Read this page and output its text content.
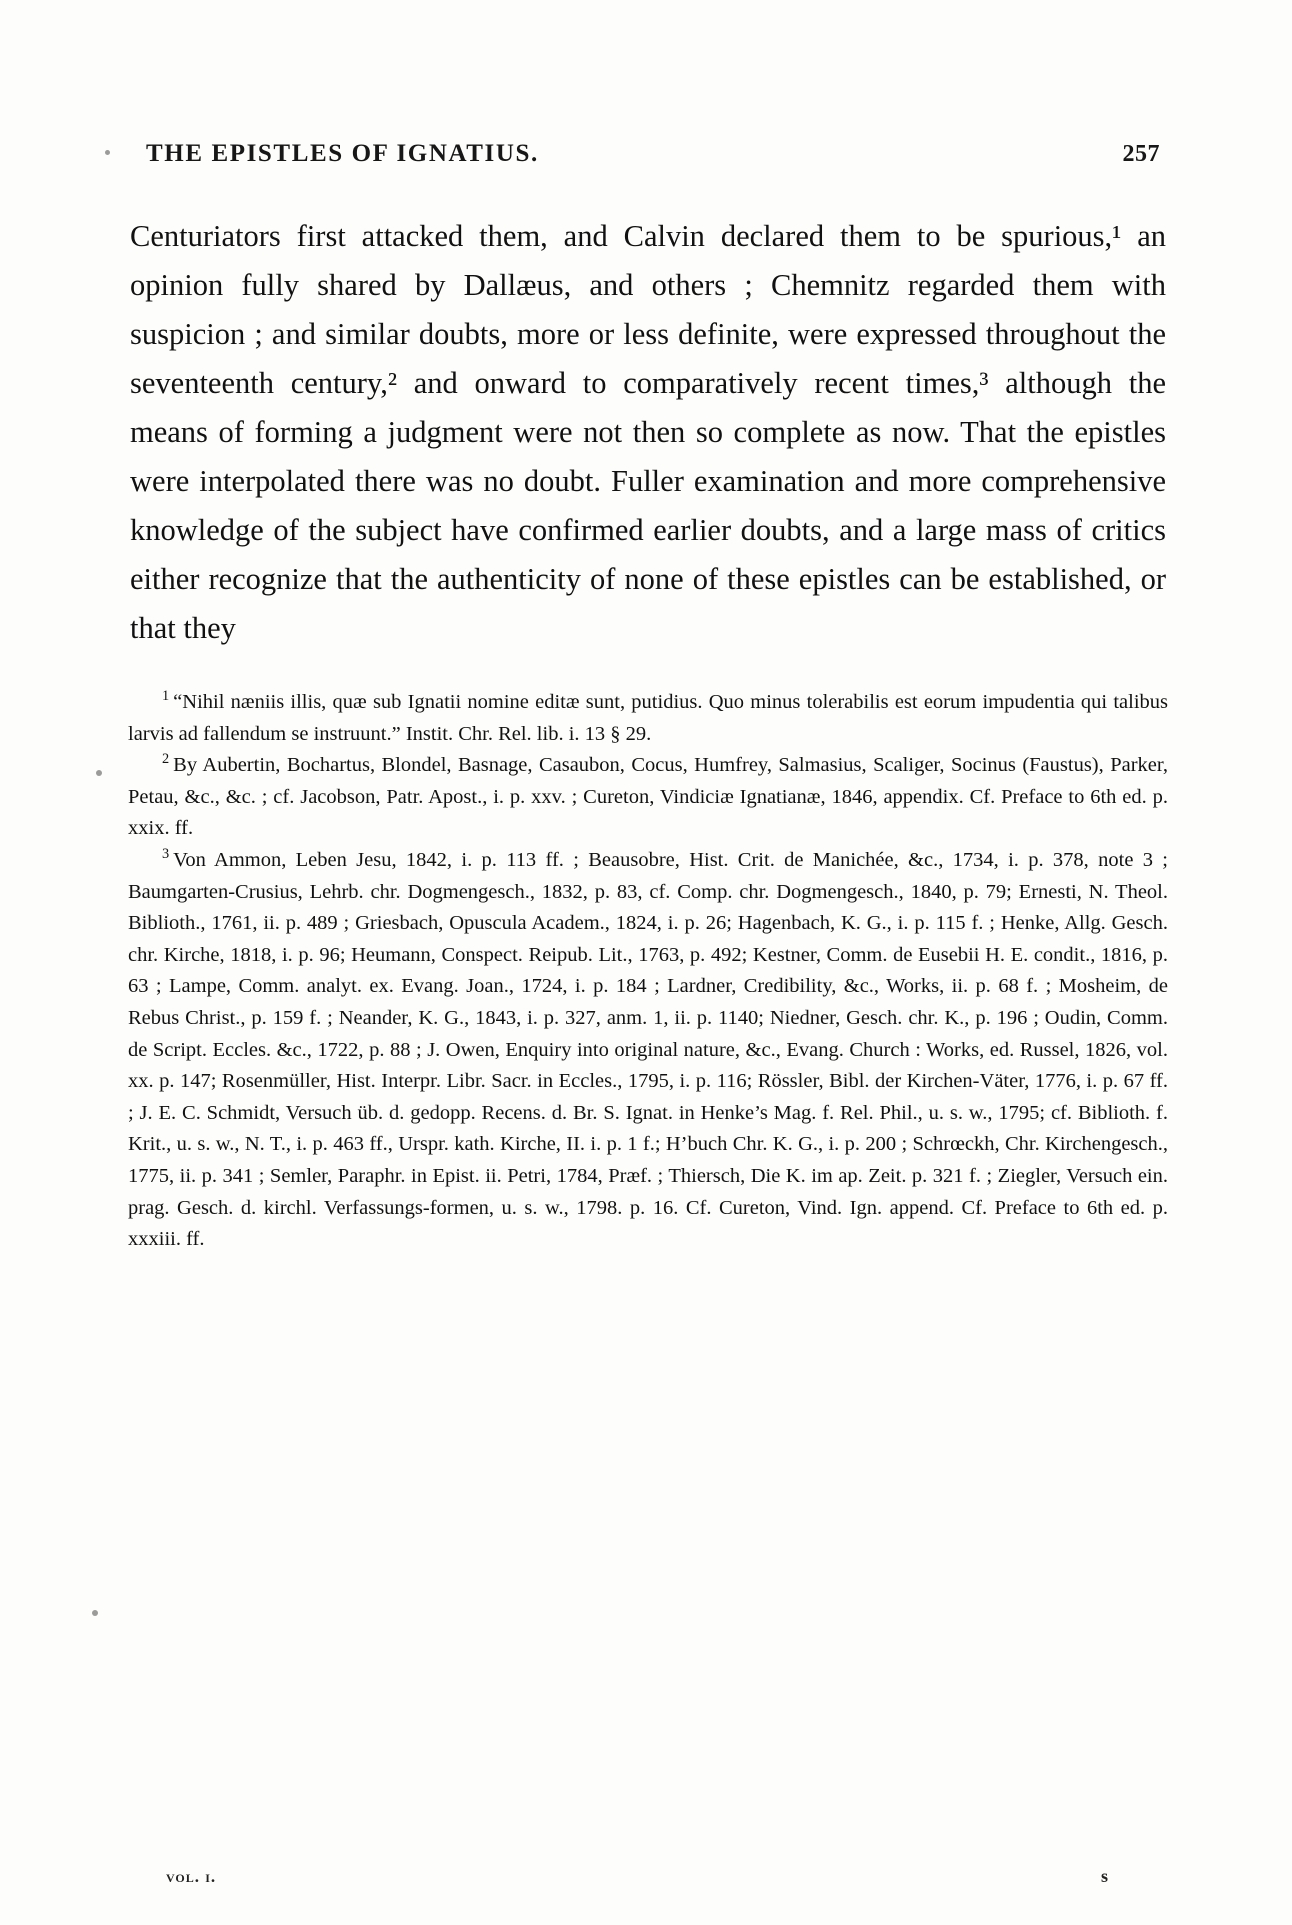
THE EPISTLES OF IGNATIUS.	257

Centuriators first attacked them, and Calvin declared them to be spurious,¹ an opinion fully shared by Dallæus, and others ; Chemnitz regarded them with suspicion ; and similar doubts, more or less definite, were expressed throughout the seventeenth century,² and onward to comparatively recent times,³ although the means of forming a judgment were not then so complete as now. That the epistles were interpolated there was no doubt. Fuller examination and more comprehensive knowledge of the subject have confirmed earlier doubts, and a large mass of critics either recognize that the authenticity of none of these epistles can be established, or that they

$^1$ “Nihil næniis illis, quæ sub Ignatii nomine editæ sunt, putidius. Quo minus tolerabilis est eorum impudentia qui talibus larvis ad fallendum se instruunt.” Instit. Chr. Rel. lib. i. 13 § 29.

$^2$ By Aubertin, Bochartus, Blondel, Basnage, Casaubon, Cocus, Humfrey, Salmasius, Scaliger, Socinus (Faustus), Parker, Petau, &c., &c. ; cf. Jacobson, Patr. Apost., i. p. xxv. ; Cureton, Vindiciæ Ignatianæ, 1846, appendix. Cf. Preface to 6th ed. p. xxix. ff.

$^3$ Von Ammon, Leben Jesu, 1842, i. p. 113 ff. ; Beausobre, Hist. Crit. de Manichée, &c., 1734, i. p. 378, note 3 ; Baumgarten-Crusius, Lehrb. chr. Dogmengesch., 1832, p. 83, cf. Comp. chr. Dogmengesch., 1840, p. 79; Ernesti, N. Theol. Biblioth., 1761, ii. p. 489 ; Griesbach, Opuscula Academ., 1824, i. p. 26; Hagenbach, K. G., i. p. 115 f. ; Henke, Allg. Gesch. chr. Kirche, 1818, i. p. 96; Heumann, Conspect. Reipub. Lit., 1763, p. 492; Kestner, Comm. de Eusebii H. E. condit., 1816, p. 63 ; Lampe, Comm. analyt. ex. Evang. Joan., 1724, i. p. 184 ; Lardner, Credibility, &c., Works, ii. p. 68 f. ; Mosheim, de Rebus Christ., p. 159 f. ; Neander, K. G., 1843, i. p. 327, anm. 1, ii. p. 1140; Niedner, Gesch. chr. K., p. 196 ; Oudin, Comm. de Script. Eccles. &c., 1722, p. 88 ; J. Owen, Enquiry into original nature, &c., Evang. Church : Works, ed. Russel, 1826, vol. xx. p. 147; Rosenmüller, Hist. Interpr. Libr. Sacr. in Eccles., 1795, i. p. 116; Rössler, Bibl. der Kirchen-Väter, 1776, i. p. 67 ff. ; J. E. C. Schmidt, Versuch üb. d. gedopp. Recens. d. Br. S. Ignat. in Henke’s Mag. f. Rel. Phil., u. s. w., 1795; cf. Biblioth. f. Krit., u. s. w., N. T., i. p. 463 ff., Urspr. kath. Kirche, II. i. p. 1 f.; H’buch Chr. K. G., i. p. 200 ; Schrœckh, Chr. Kirchengesch., 1775, ii. p. 341 ; Semler, Paraphr. in Epist. ii. Petri, 1784, Præf. ; Thiersch, Die K. im ap. Zeit. p. 321 f. ; Ziegler, Versuch ein. prag. Gesch. d. kirchl. Verfassungs-formen, u. s. w., 1798. p. 16. Cf. Cureton, Vind. Ign. append. Cf. Preface to 6th ed. p. xxxiii. ff.

vol. i.	s
